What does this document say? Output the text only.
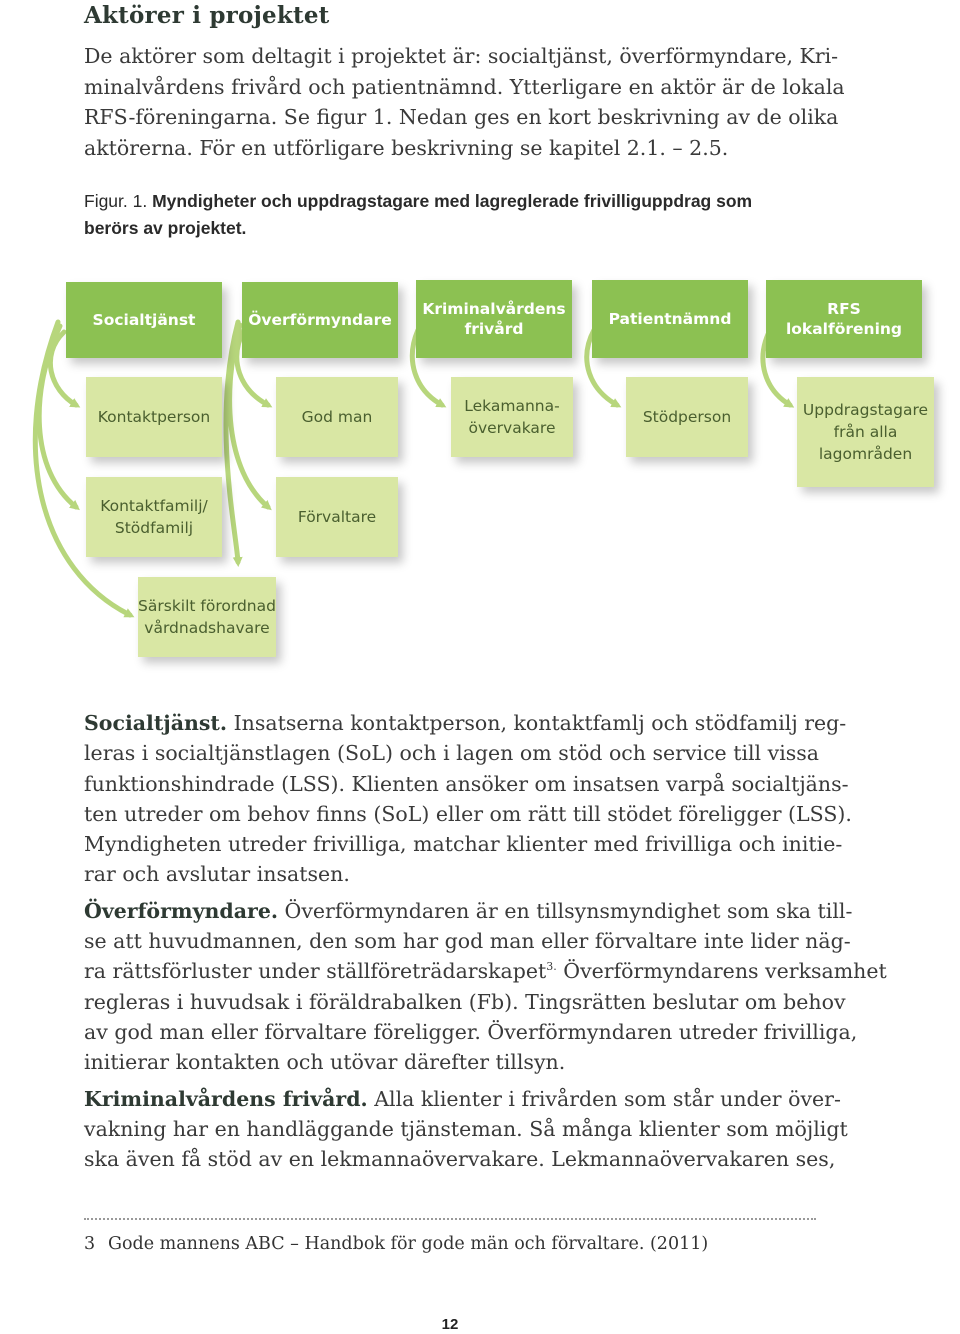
Aktörer i projektet
De aktörer som deltagit i projektet är: socialtjänst, överförmyndare, Kri-
minalvårdens frivård och patientnämnd. Ytterligare en aktör är de lokala
RFS-föreningarna. Se figur 1. Nedan ges en kort beskrivning av de olika
aktörerna. För en utförligare beskrivning se kapitel 2.1. – 2.5.
Figur. 1. Myndigheter och uppdragstagare med lagreglerade frivilliguppdrag som
berörs av projektet.
Socialtjänst	Överförmyndare
Kriminalvårdens
frivård
Patientnämnd
RFS
lokalförening
Kontaktperson	God man
Lekamanna-
övervakare
Stödperson	Uppdragstagare
från alla
lagområden
Kontaktfamilj/
Stödfamilj
Förvaltare
Särskilt förordnad
vårdnadshavare
Socialtjänst. Insatserna kontaktperson, kontaktfamlj och stödfamilj reg-
leras i socialtjänstlagen (SoL) och i lagen om stöd och service till vissa
funktionshindrade (LSS). Klienten ansöker om insatsen varpå socialtjäns-
ten utreder om behov finns (SoL) eller om rätt till stödet föreligger (LSS).
Myndigheten utreder frivilliga, matchar klienter med frivilliga och initie-
rar och avslutar insatsen.
Överförmyndare. Överförmyndaren är en tillsynsmyndighet som ska till-
se att huvudmannen, den som har god man eller förvaltare inte lider näg-
ra rättsförluster under ställföreträdarskapet$^{3.}$ Överförmyndarens verksamhet
regleras i huvudsak i föräldrabalken (Fb). Tingsrätten beslutar om behov
av god man eller förvaltare föreligger. Överförmyndaren utreder frivilliga,
initierar kontakten och utövar därefter tillsyn.
Kriminalvårdens frivård. Alla klienter i frivården som står under över-
vakning har en handläggande tjänsteman. Så många klienter som möjligt
ska även få stöd av en lekmannaövervakare. Lekmannaövervakaren ses,
3 Gode mannens ABC – Handbok för gode män och förvaltare. (2011)
12
